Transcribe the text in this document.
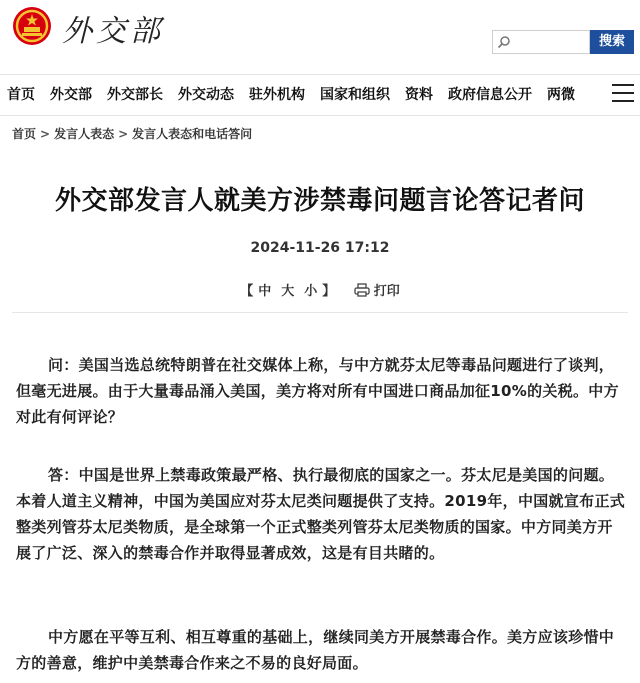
外交部	搜索
首页	外交部	外交部长	外交动态	驻外机构	国家和组织	资料	政府信息公开	两微
首页 > 发言人表态 > 发言人表态和电话答问
外交部发言人就美方涉禁毒问题言论答记者问
2024-11-26 17:12
【 中 大 小 】	打印

问：美国当选总统特朗普在社交媒体上称，与中方就芬太尼等毒品问题进行了谈判，但毫无进展。由于大量毒品涌入美国，美方将对所有中国进口商品加征10%的关税。中方对此有何评论？

答：中国是世界上禁毒政策最严格、执行最彻底的国家之一。芬太尼是美国的问题。本着人道主义精神，中国为美国应对芬太尼类问题提供了支持。2019年，中国就宣布正式整类列管芬太尼类物质，是全球第一个正式整类列管芬太尼类物质的国家。中方同美方开展了广泛、深入的禁毒合作并取得显著成效，这是有目共睹的。

中方愿在平等互利、相互尊重的基础上，继续同美方开展禁毒合作。美方应该珍惜中方的善意，维护中美禁毒合作来之不易的良好局面。
